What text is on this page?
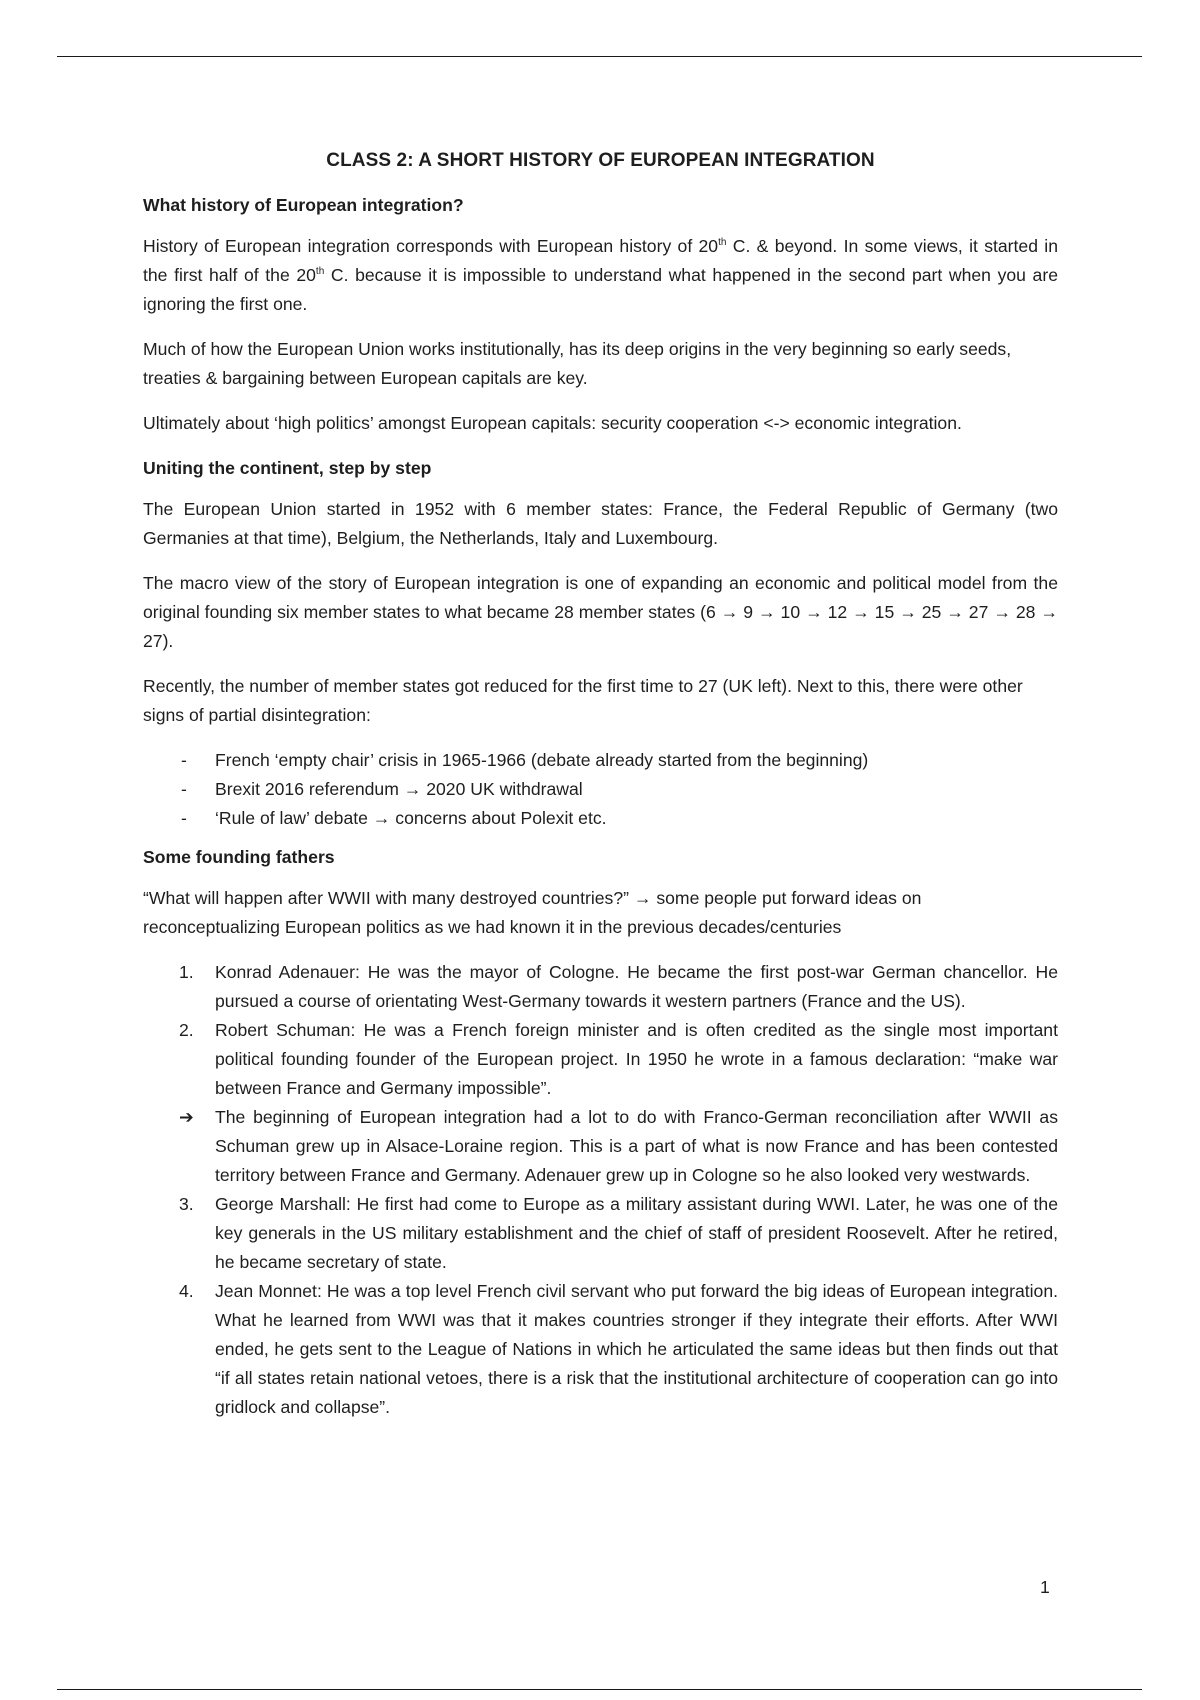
CLASS 2: A SHORT HISTORY OF EUROPEAN INTEGRATION
What history of European integration?

History of European integration corresponds with European history of 20th C. & beyond. In some views, it started in the first half of the 20th C. because it is impossible to understand what happened in the second part when you are ignoring the first one.

Much of how the European Union works institutionally, has its deep origins in the very beginning so early seeds, treaties & bargaining between European capitals are key.

Ultimately about ‘high politics’ amongst European capitals: security cooperation <-> economic integration.

Uniting the continent, step by step

The European Union started in 1952 with 6 member states: France, the Federal Republic of Germany (two Germanies at that time), Belgium, the Netherlands, Italy and Luxembourg.

The macro view of the story of European integration is one of expanding an economic and political model from the original founding six member states to what became 28 member states (6 → 9 → 10 → 12 → 15 → 25 → 27 → 28 → 27).

Recently, the number of member states got reduced for the first time to 27 (UK left). Next to this, there were other signs of partial disintegration:

- French ‘empty chair’ crisis in 1965-1966 (debate already started from the beginning)
- Brexit 2016 referendum → 2020 UK withdrawal
- ‘Rule of law’ debate → concerns about Polexit etc.
Some founding fathers

“What will happen after WWII with many destroyed countries?” → some people put forward ideas on reconceptualizing European politics as we had known it in the previous decades/centuries

1. Konrad Adenauer: He was the mayor of Cologne. He became the first post-war German chancellor. He pursued a course of orientating West-Germany towards it western partners (France and the US).
2. Robert Schuman: He was a French foreign minister and is often credited as the single most important political founding founder of the European project. In 1950 he wrote in a famous declaration: “make war between France and Germany impossible”.
➔ The beginning of European integration had a lot to do with Franco-German reconciliation after WWII as Schuman grew up in Alsace-Loraine region. This is a part of what is now France and has been contested territory between France and Germany. Adenauer grew up in Cologne so he also looked very westwards.
3. George Marshall: He first had come to Europe as a military assistant during WWI. Later, he was one of the key generals in the US military establishment and the chief of staff of president Roosevelt. After he retired, he became secretary of state.
4. Jean Monnet: He was a top level French civil servant who put forward the big ideas of European integration. What he learned from WWI was that it makes countries stronger if they integrate their efforts. After WWI ended, he gets sent to the League of Nations in which he articulated the same ideas but then finds out that “if all states retain national vetoes, there is a risk that the institutional architecture of cooperation can go into gridlock and collapse”.
1
